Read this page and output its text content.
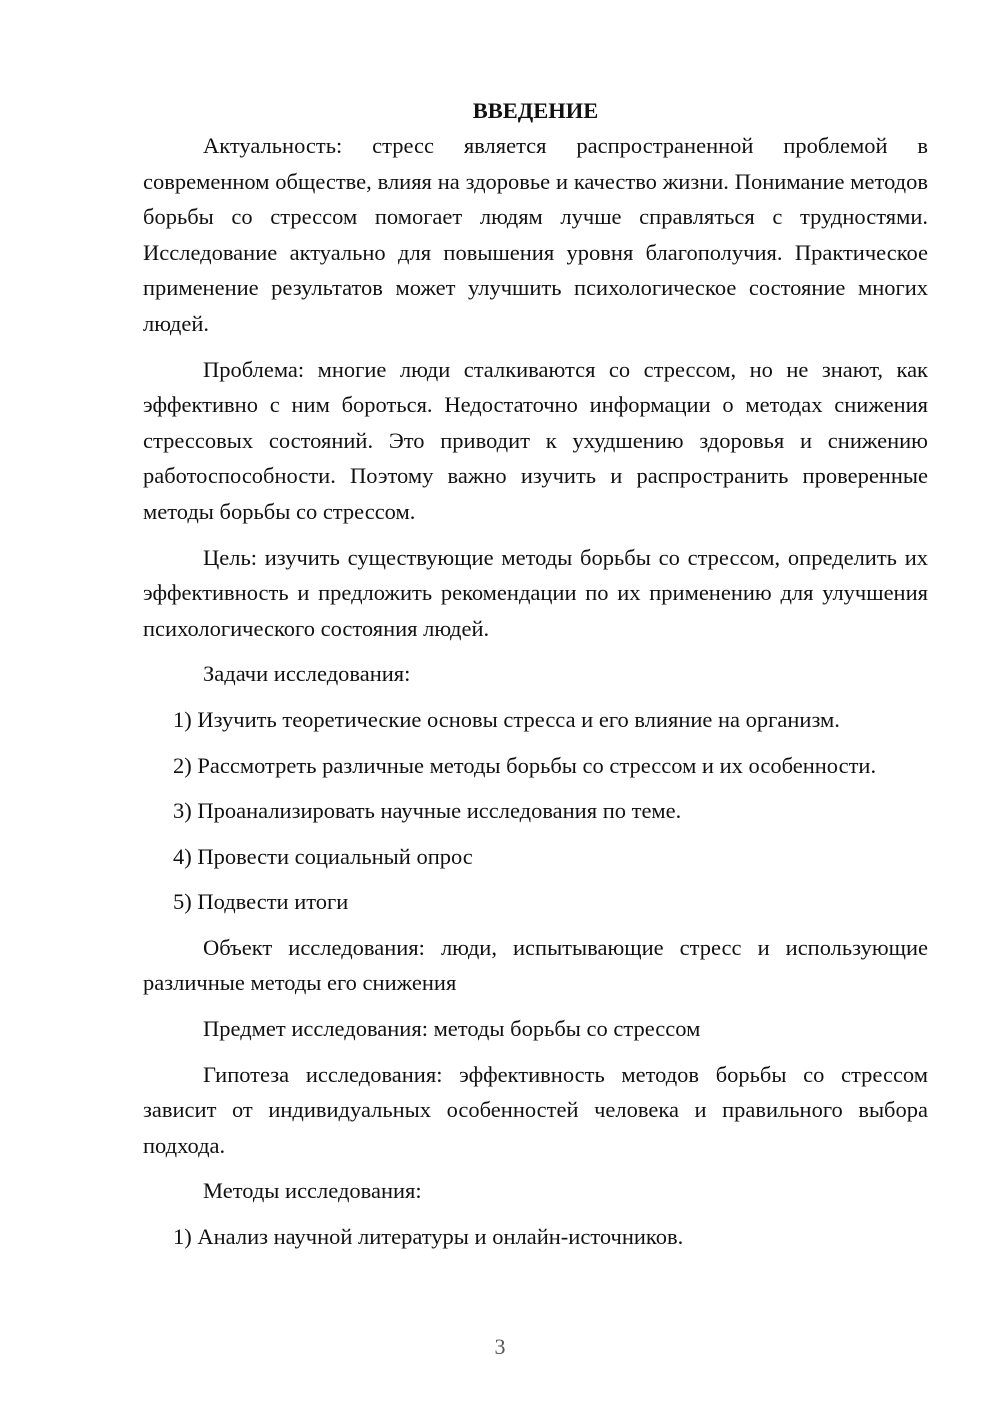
ВВЕДЕНИЕ

Актуальность: стресс является распространенной проблемой в современном обществе, влияя на здоровье и качество жизни. Понимание методов борьбы со стрессом помогает людям лучше справляться с трудностями. Исследование актуально для повышения уровня благополучия. Практическое применение результатов может улучшить психологическое состояние многих людей.

Проблема: многие люди сталкиваются со стрессом, но не знают, как эффективно с ним бороться. Недостаточно информации о методах снижения стрессовых состояний. Это приводит к ухудшению здоровья и снижению работоспособности. Поэтому важно изучить и распространить проверенные методы борьбы со стрессом.

Цель: изучить существующие методы борьбы со стрессом, определить их эффективность и предложить рекомендации по их применению для улучшения психологического состояния людей.

Задачи исследования:

1) Изучить теоретические основы стресса и его влияние на организм.

2) Рассмотреть различные методы борьбы со стрессом и их особенности.

3) Проанализировать научные исследования по теме.

4) Провести социальный опрос

5) Подвести итоги

Объект исследования: люди, испытывающие стресс и использующие различные методы его снижения

Предмет исследования: методы борьбы со стрессом

Гипотеза исследования: эффективность методов борьбы со стрессом зависит от индивидуальных особенностей человека и правильного выбора подхода.

Методы исследования:

1) Анализ научной литературы и онлайн-источников.

3
